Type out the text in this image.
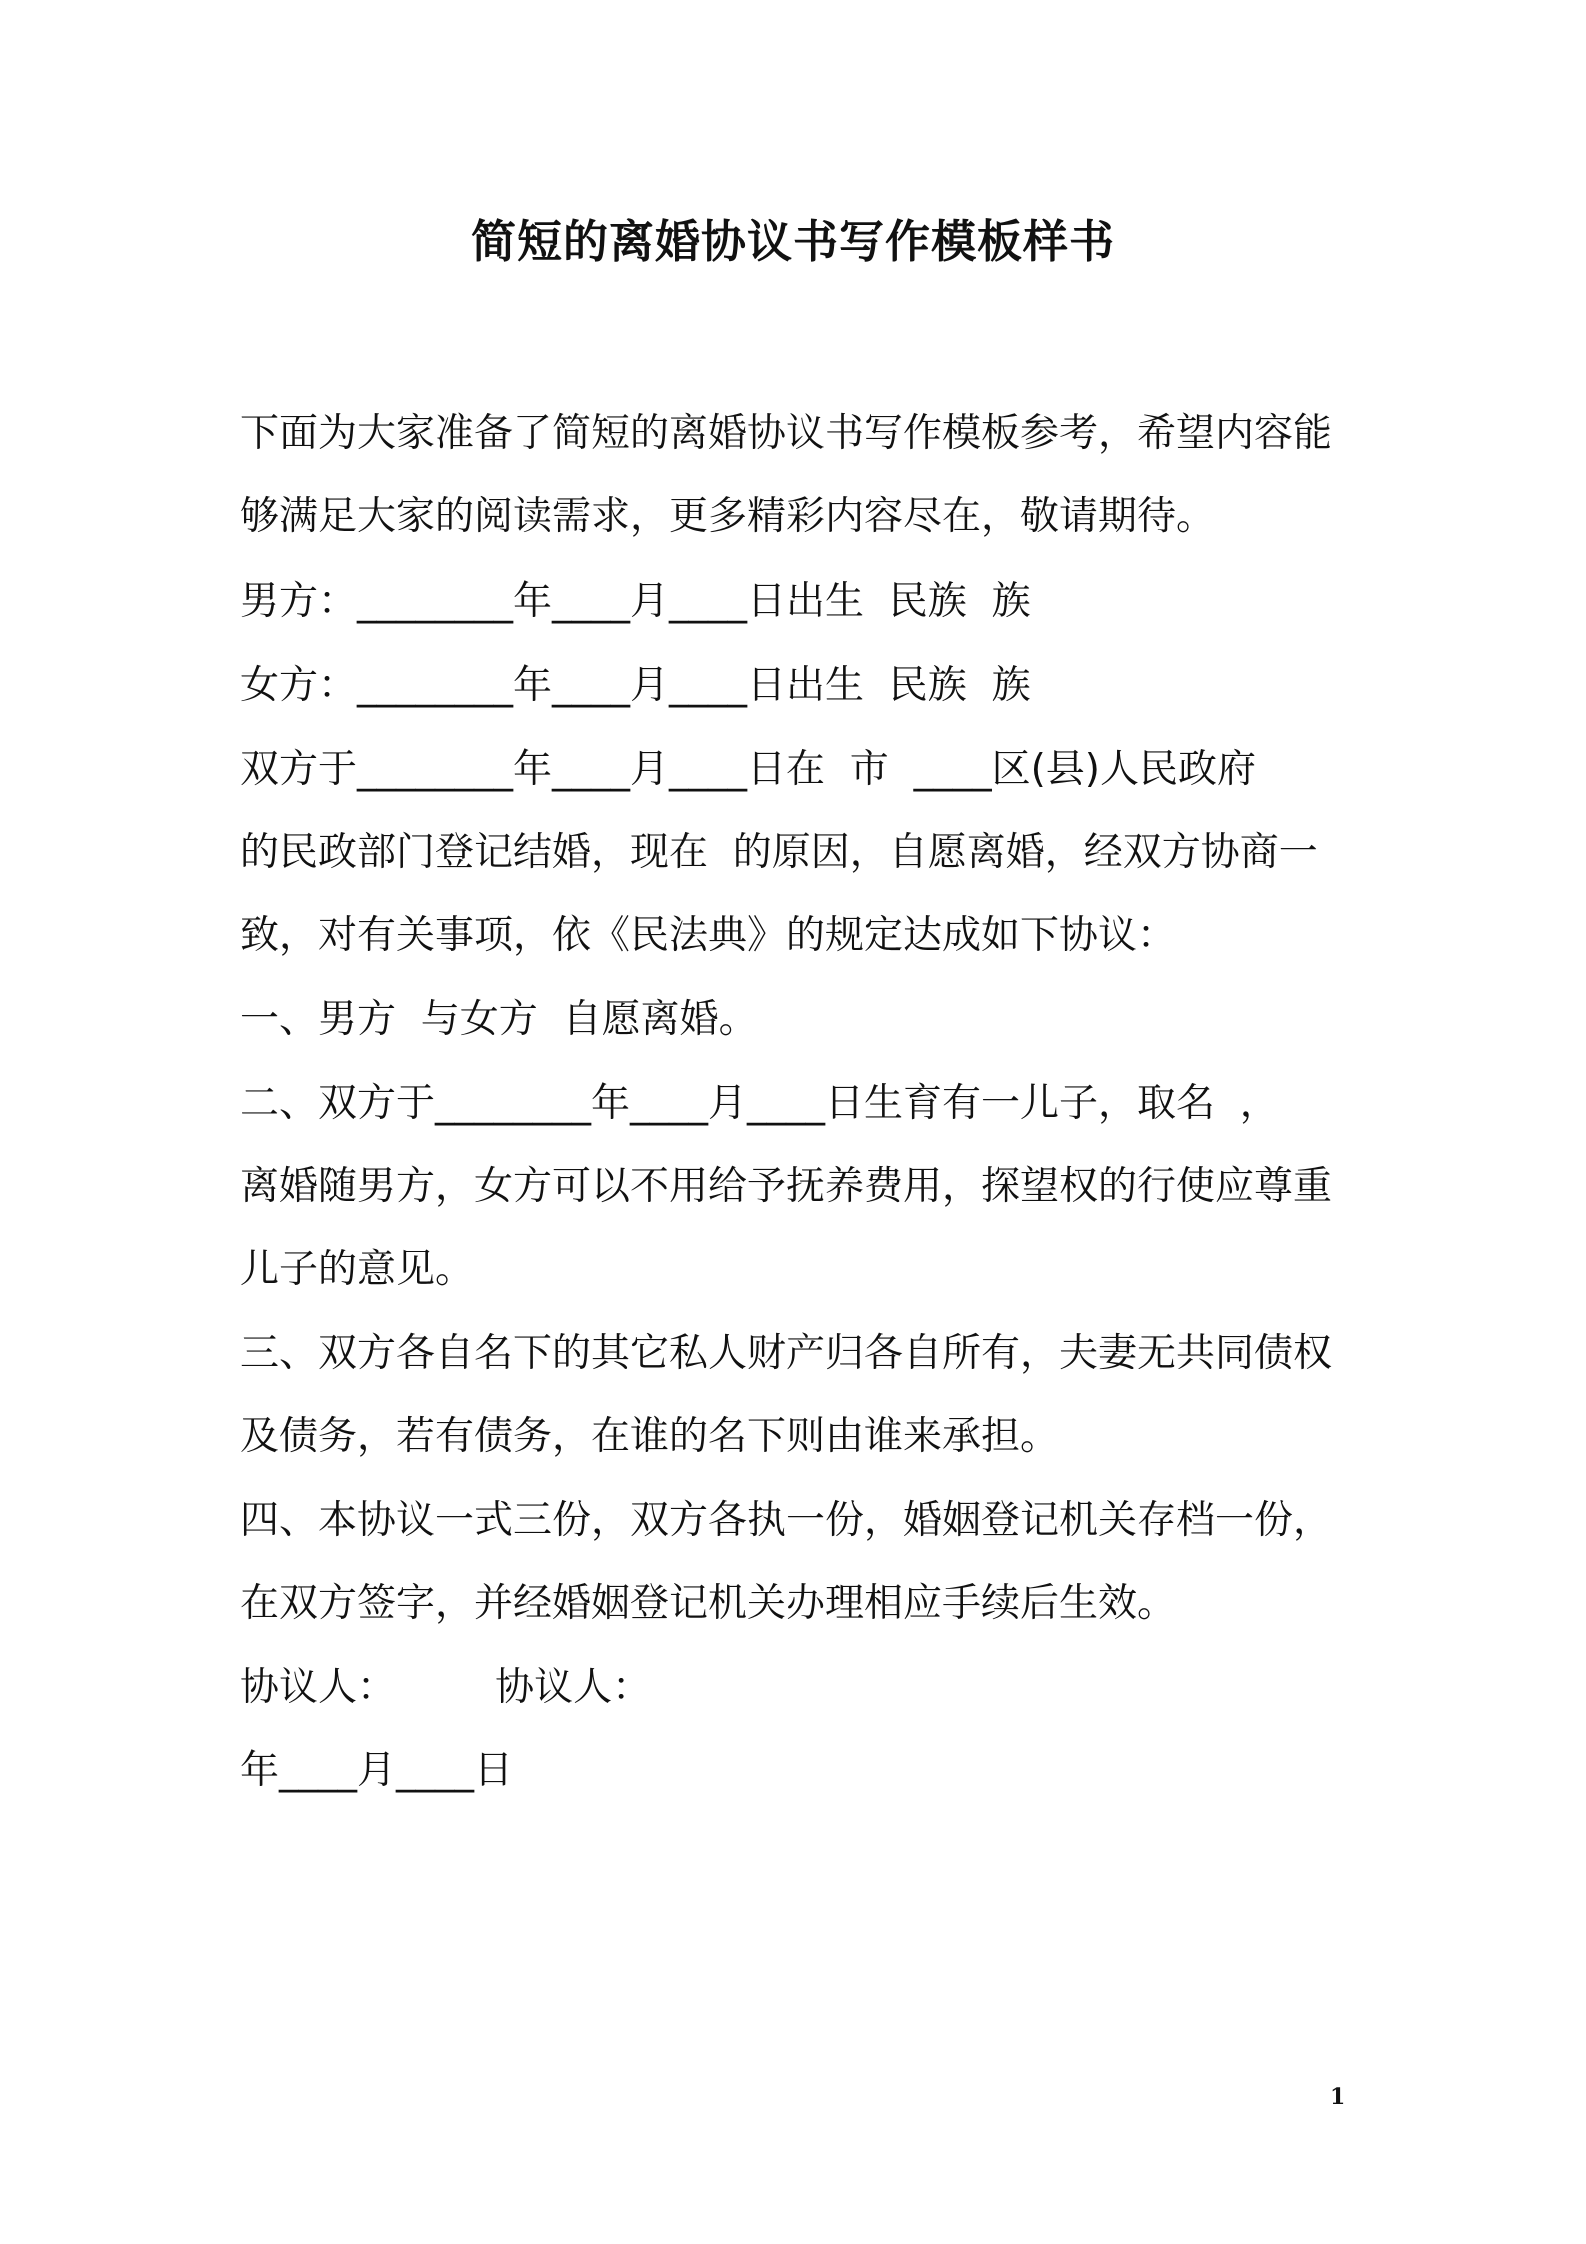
简短的离婚协议书写作模板样书
下面为大家准备了简短的离婚协议书写作模板参考，希望内容能
够满足大家的阅读需求，更多精彩内容尽在，敬请期待。
男方：________年____月____日出生  民族  族
女方：________年____月____日出生  民族  族
双方于________年____月____日在  市  ____区(县)人民政府
的民政部门登记结婚，现在  的原因，自愿离婚，经双方协商一
致，对有关事项，依《民法典》的规定达成如下协议：
一、男方  与女方  自愿离婚。
二、双方于________年____月____日生育有一儿子，取名  ，
离婚随男方，女方可以不用给予抚养费用，探望权的行使应尊重
儿子的意见。
三、双方各自名下的其它私人财产归各自所有，夫妻无共同债权
及债务，若有债务，在谁的名下则由谁来承担。
四、本协议一式三份，双方各执一份，婚姻登记机关存档一份，
在双方签字，并经婚姻登记机关办理相应手续后生效。
协议人：        协议人：
年____月____日
1
